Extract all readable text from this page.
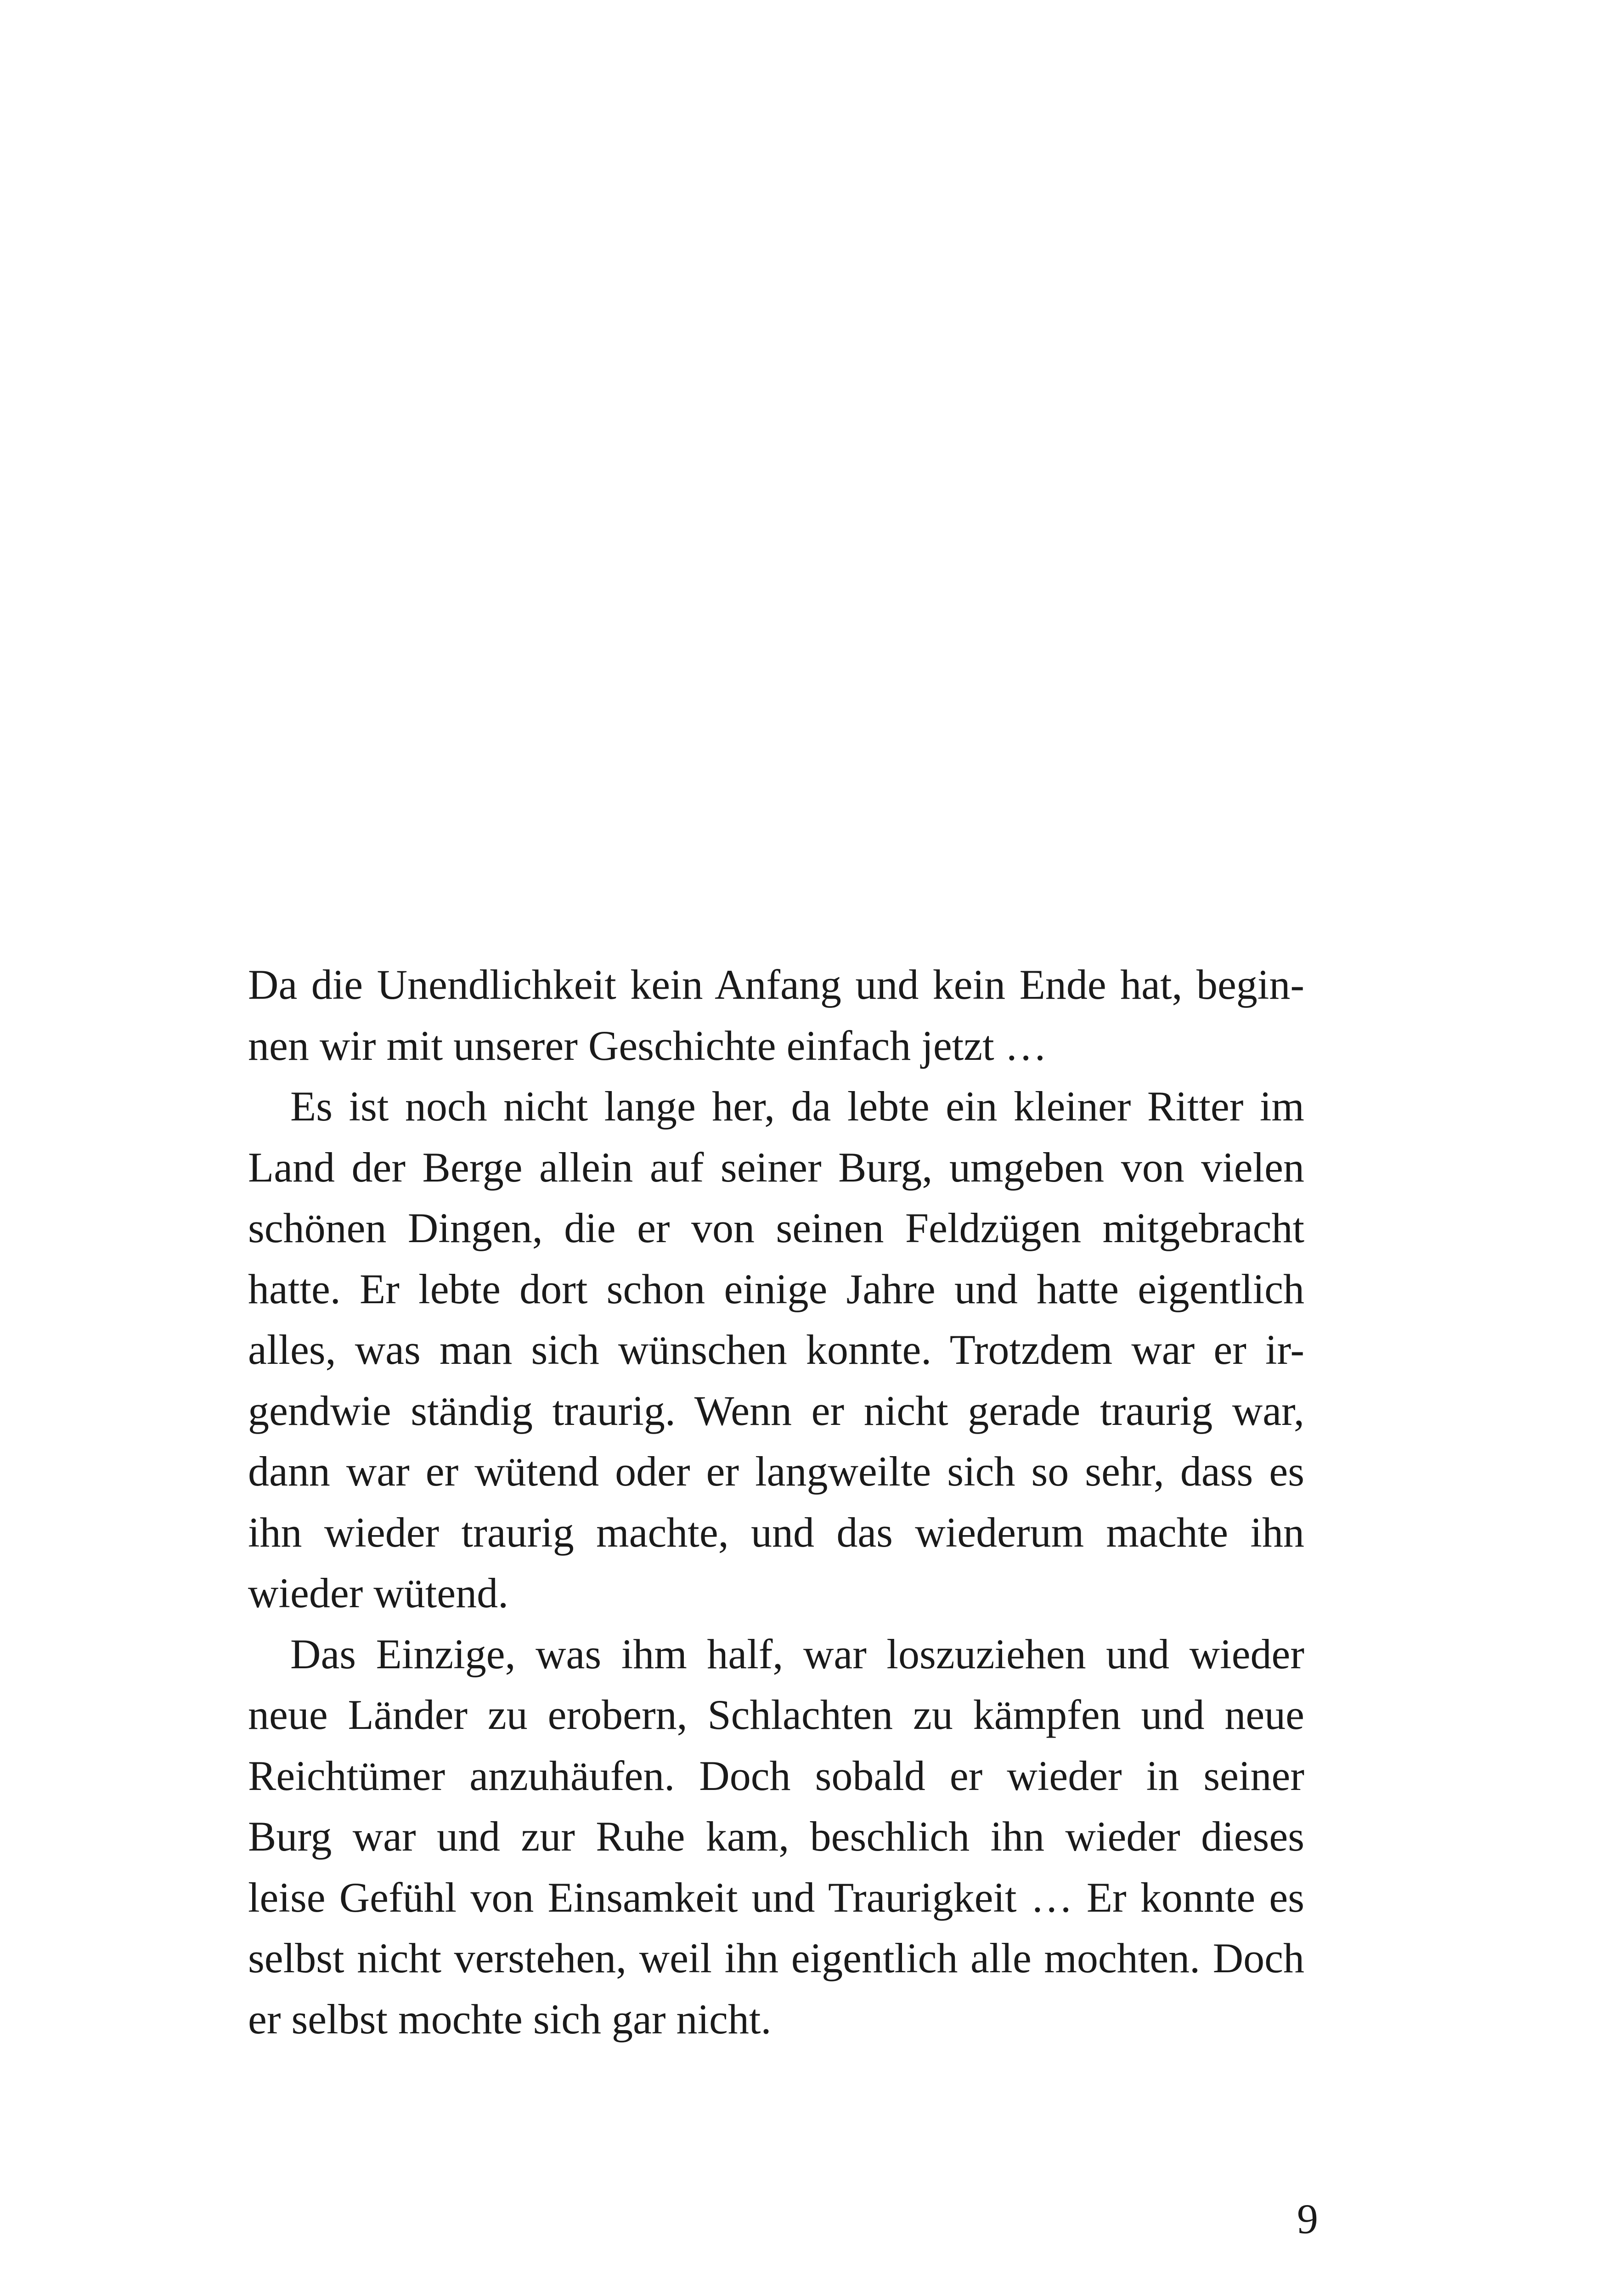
Da die Unendlichkeit kein Anfang und kein Ende hat, begin-
nen wir mit unserer Geschichte einfach jetzt …

Es ist noch nicht lange her, da lebte ein kleiner Ritter im
Land der Berge allein auf seiner Burg, umgeben von vielen
schönen Dingen, die er von seinen Feldzügen mitgebracht
hatte. Er lebte dort schon einige Jahre und hatte eigentlich
alles, was man sich wünschen konnte. Trotzdem war er ir-
gendwie ständig traurig. Wenn er nicht gerade traurig war,
dann war er wütend oder er langweilte sich so sehr, dass es
ihn wieder traurig machte, und das wiederum machte ihn
wieder wütend.

Das Einzige, was ihm half, war loszuziehen und wieder
neue Länder zu erobern, Schlachten zu kämpfen und neue
Reichtümer anzuhäufen. Doch sobald er wieder in seiner
Burg war und zur Ruhe kam, beschlich ihn wieder dieses
leise Gefühl von Einsamkeit und Traurigkeit … Er konnte es
selbst nicht verstehen, weil ihn eigentlich alle mochten. Doch
er selbst mochte sich gar nicht.

9
